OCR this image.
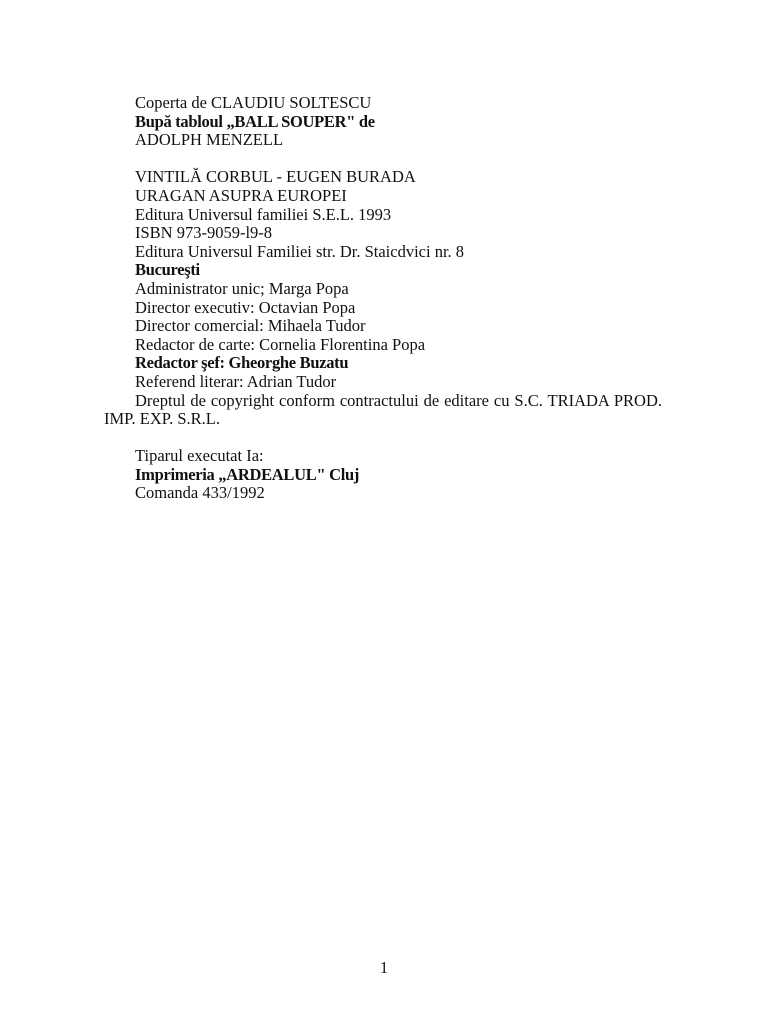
Coperta de CLAUDIU SOLTESCU
Bupă tabloul „BALL SOUPER" de
ADOLPH MENZELL
VINTILĂ CORBUL - EUGEN BURADA
URAGAN ASUPRA EUROPEI
Editura Universul familiei S.E.L. 1993
ISBN 973-9059-l9-8
Editura Universul Familiei str. Dr. Staicdvici nr. 8
Bucureşti
Administrator unic; Marga Popa
Director executiv: Octavian Popa
Director comercial: Mihaela Tudor
Redactor de carte: Cornelia Florentina Popa
Redactor şef: Gheorghe Buzatu
Referend literar: Adrian Tudor
Dreptul de copyright conform contractului de editare cu S.C. TRIADA PROD. IMP. EXP. S.R.L.
Tiparul executat Ia:
Imprimeria „ARDEALUL" Cluj
Comanda 433/1992
1
